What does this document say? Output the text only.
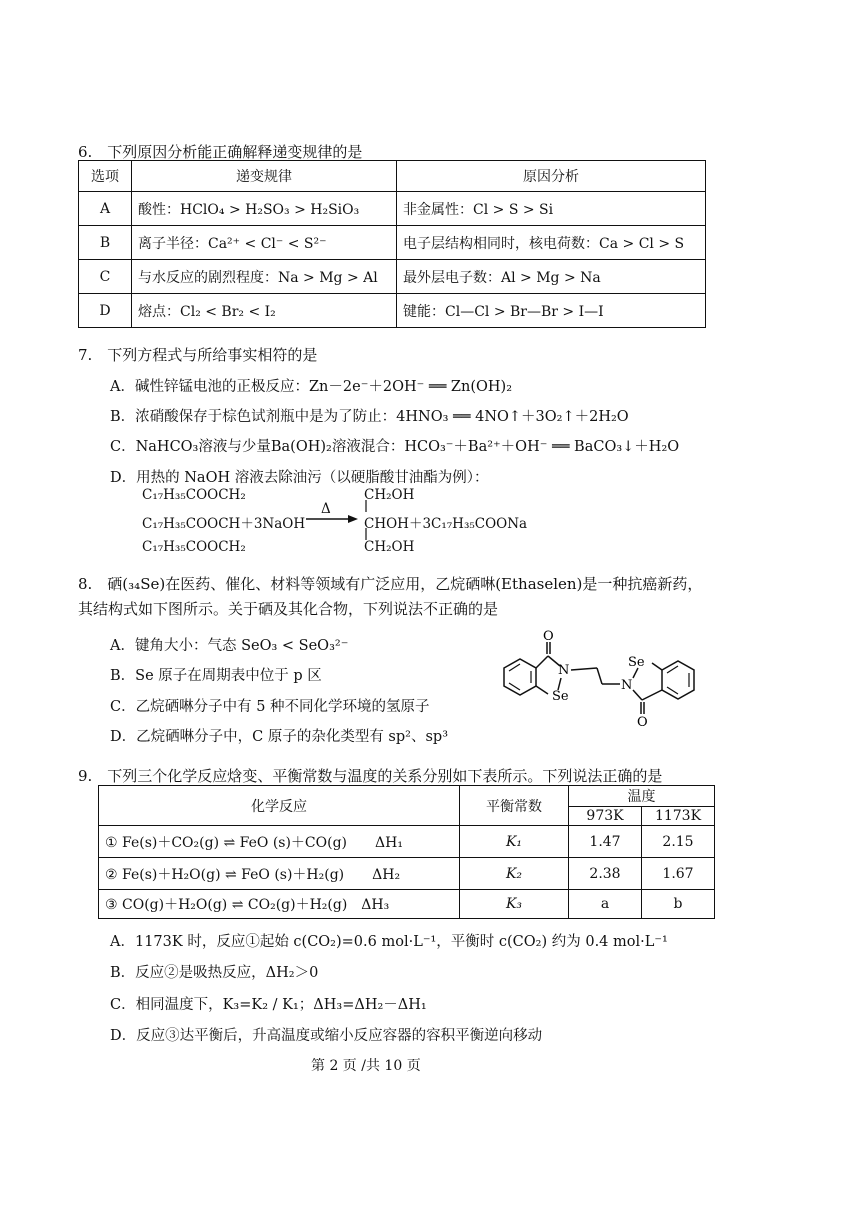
6.　下列原因分析能正确解释递变规律的是
选项	递变规律	原因分析
A	酸性：HClO₄ > H₂SO₃ > H₂SiO₃	非金属性：Cl > S > Si
B	离子半径：Ca²⁺ < Cl⁻ < S²⁻	电子层结构相同时，核电荷数：Ca > Cl > S
C	与水反应的剧烈程度：Na > Mg > Al	最外层电子数：Al > Mg > Na
D	熔点：Cl₂ < Br₂ < I₂	键能：Cl—Cl > Br—Br > I—I
7.　下列方程式与所给事实相符的是
A．碱性锌锰电池的正极反应：Zn－2e⁻＋2OH⁻ ══ Zn(OH)₂
B．浓硝酸保存于棕色试剂瓶中是为了防止：4HNO₃ ══ 4NO↑＋3O₂↑＋2H₂O
C．NaHCO₃溶液与少量Ba(OH)₂溶液混合：HCO₃⁻＋Ba²⁺＋OH⁻ ══ BaCO₃↓＋H₂O
D．用热的 NaOH 溶液去除油污（以硬脂酸甘油酯为例）：
C₁₇H₃₅COOCH₂
C₁₇H₃₅COOCH＋3NaOH
C₁₇H₃₅COOCH₂
Δ
CH₂OH
CHOH＋3C₁₇H₃₅COONa
CH₂OH
8.　硒(₃₄Se)在医药、催化、材料等领域有广泛应用，乙烷硒啉(Ethaselen)是一种抗癌新药，
其结构式如下图所示。关于硒及其化合物，下列说法不正确的是
A．键角大小：气态 SeO₃ < SeO₃²⁻
B．Se 原子在周期表中位于 p 区
C．乙烷硒啉分子中有 5 种不同化学环境的氢原子
D．乙烷硒啉分子中，C 原子的杂化类型有 sp²、sp³
O
N
Se
N
Se
O
9.　下列三个化学反应焓变、平衡常数与温度的关系分别如下表所示。下列说法正确的是
化学反应	平衡常数	温度	
		973K	1173K
① Fe(s)＋CO₂(g) ⇌ FeO (s)＋CO(g)　　ΔH₁	K₁	1.47	2.15
② Fe(s)＋H₂O(g) ⇌ FeO (s)＋H₂(g)　　ΔH₂	K₂	2.38	1.67
③ CO(g)＋H₂O(g) ⇌ CO₂(g)＋H₂(g)　ΔH₃	K₃	a	b
A．1173K 时，反应①起始 c(CO₂)=0.6 mol·L⁻¹，平衡时 c(CO₂) 约为 0.4 mol·L⁻¹
B．反应②是吸热反应，ΔH₂＞0
C．相同温度下，K₃=K₂ / K₁；ΔH₃=ΔH₂－ΔH₁
D．反应③达平衡后，升高温度或缩小反应容器的容积平衡逆向移动
第 2 页 /共 10 页
